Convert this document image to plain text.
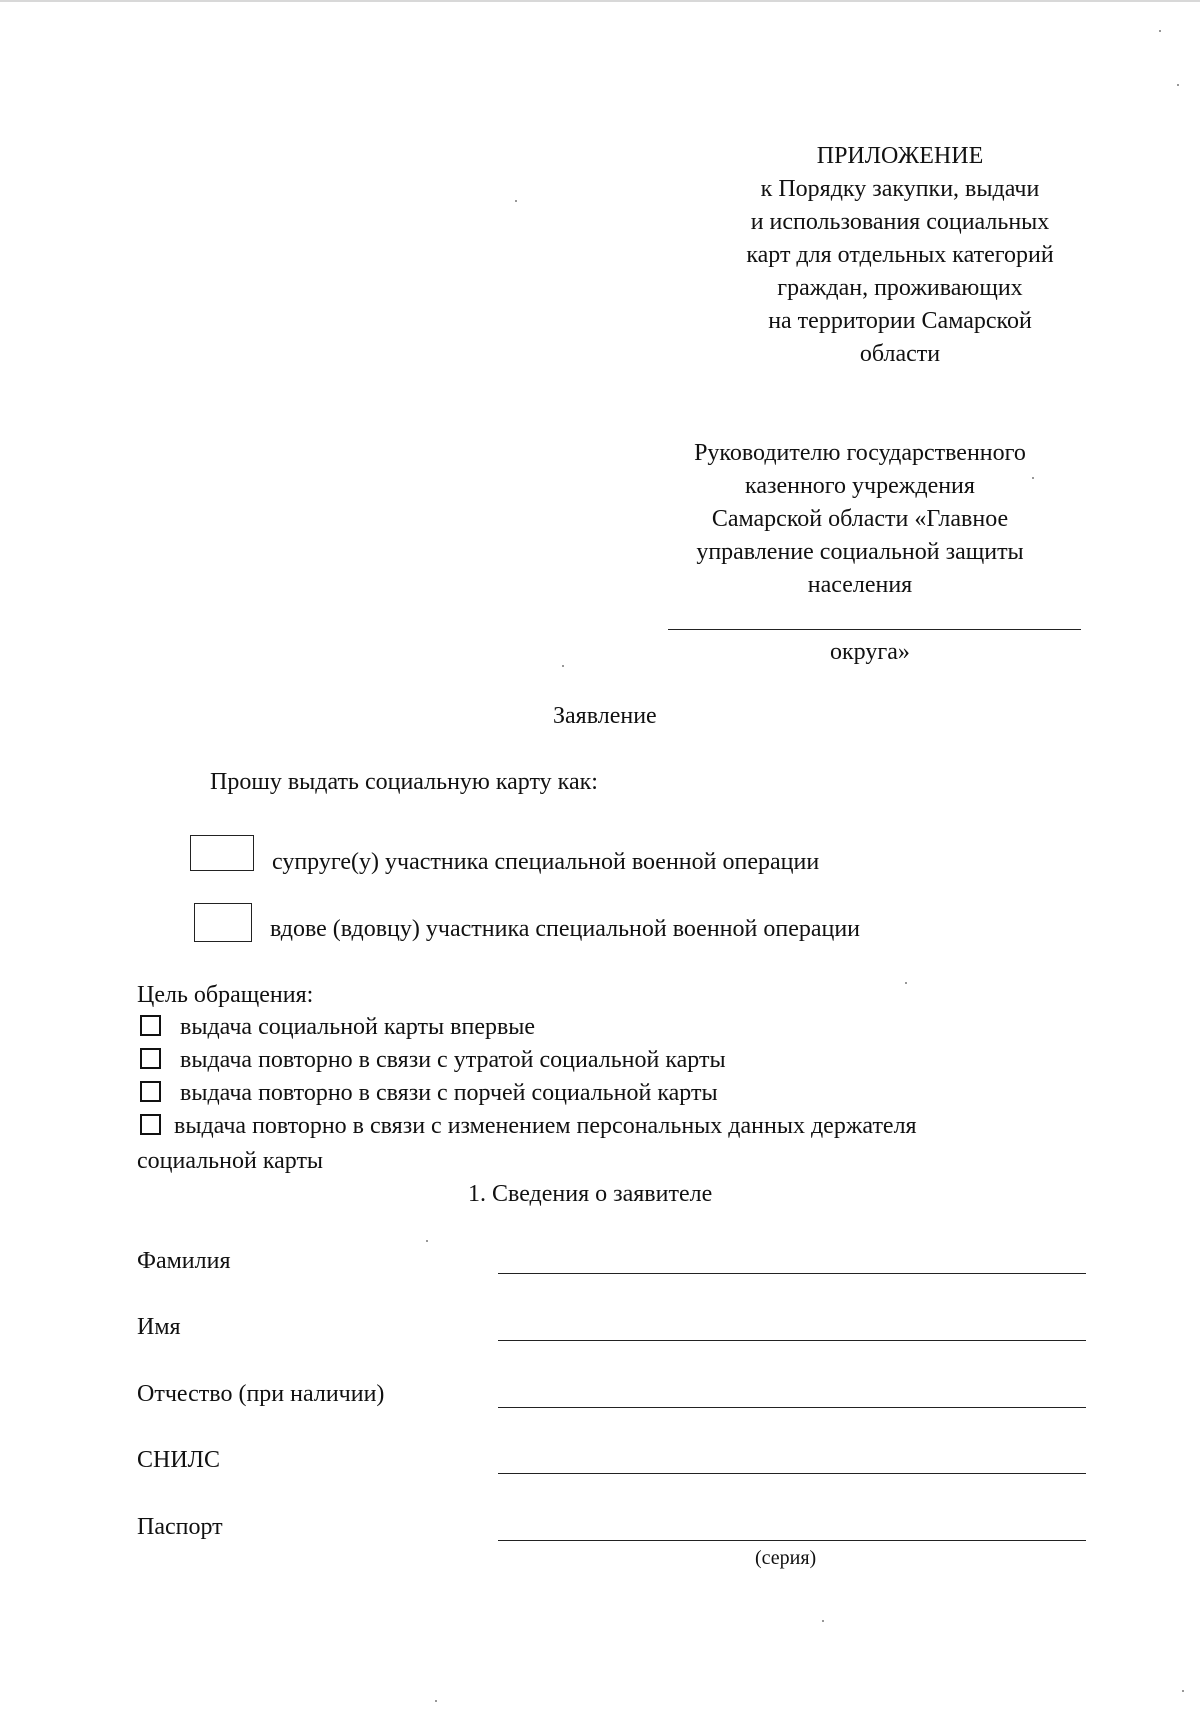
ПРИЛОЖЕНИЕ
к Порядку закупки, выдачи
и использования социальных
карт для отдельных категорий
граждан, проживающих
на территории Самарской
области
Руководителю государственного
казенного учреждения
Самарской области «Главное
управление социальной защиты
населения
округа»
Заявление
Прошу выдать социальную карту как:
супруге(у) участника специальной военной операции
вдове (вдовцу) участника специальной военной операции
Цель обращения:
выдача социальной карты впервые
выдача повторно в связи с утратой социальной карты
выдача повторно в связи с порчей социальной карты
выдача повторно в связи с изменением персональных данных держателя
социальной карты
1. Сведения о заявителе
Фамилия
Имя
Отчество (при наличии)
СНИЛС
Паспорт
(серия)
